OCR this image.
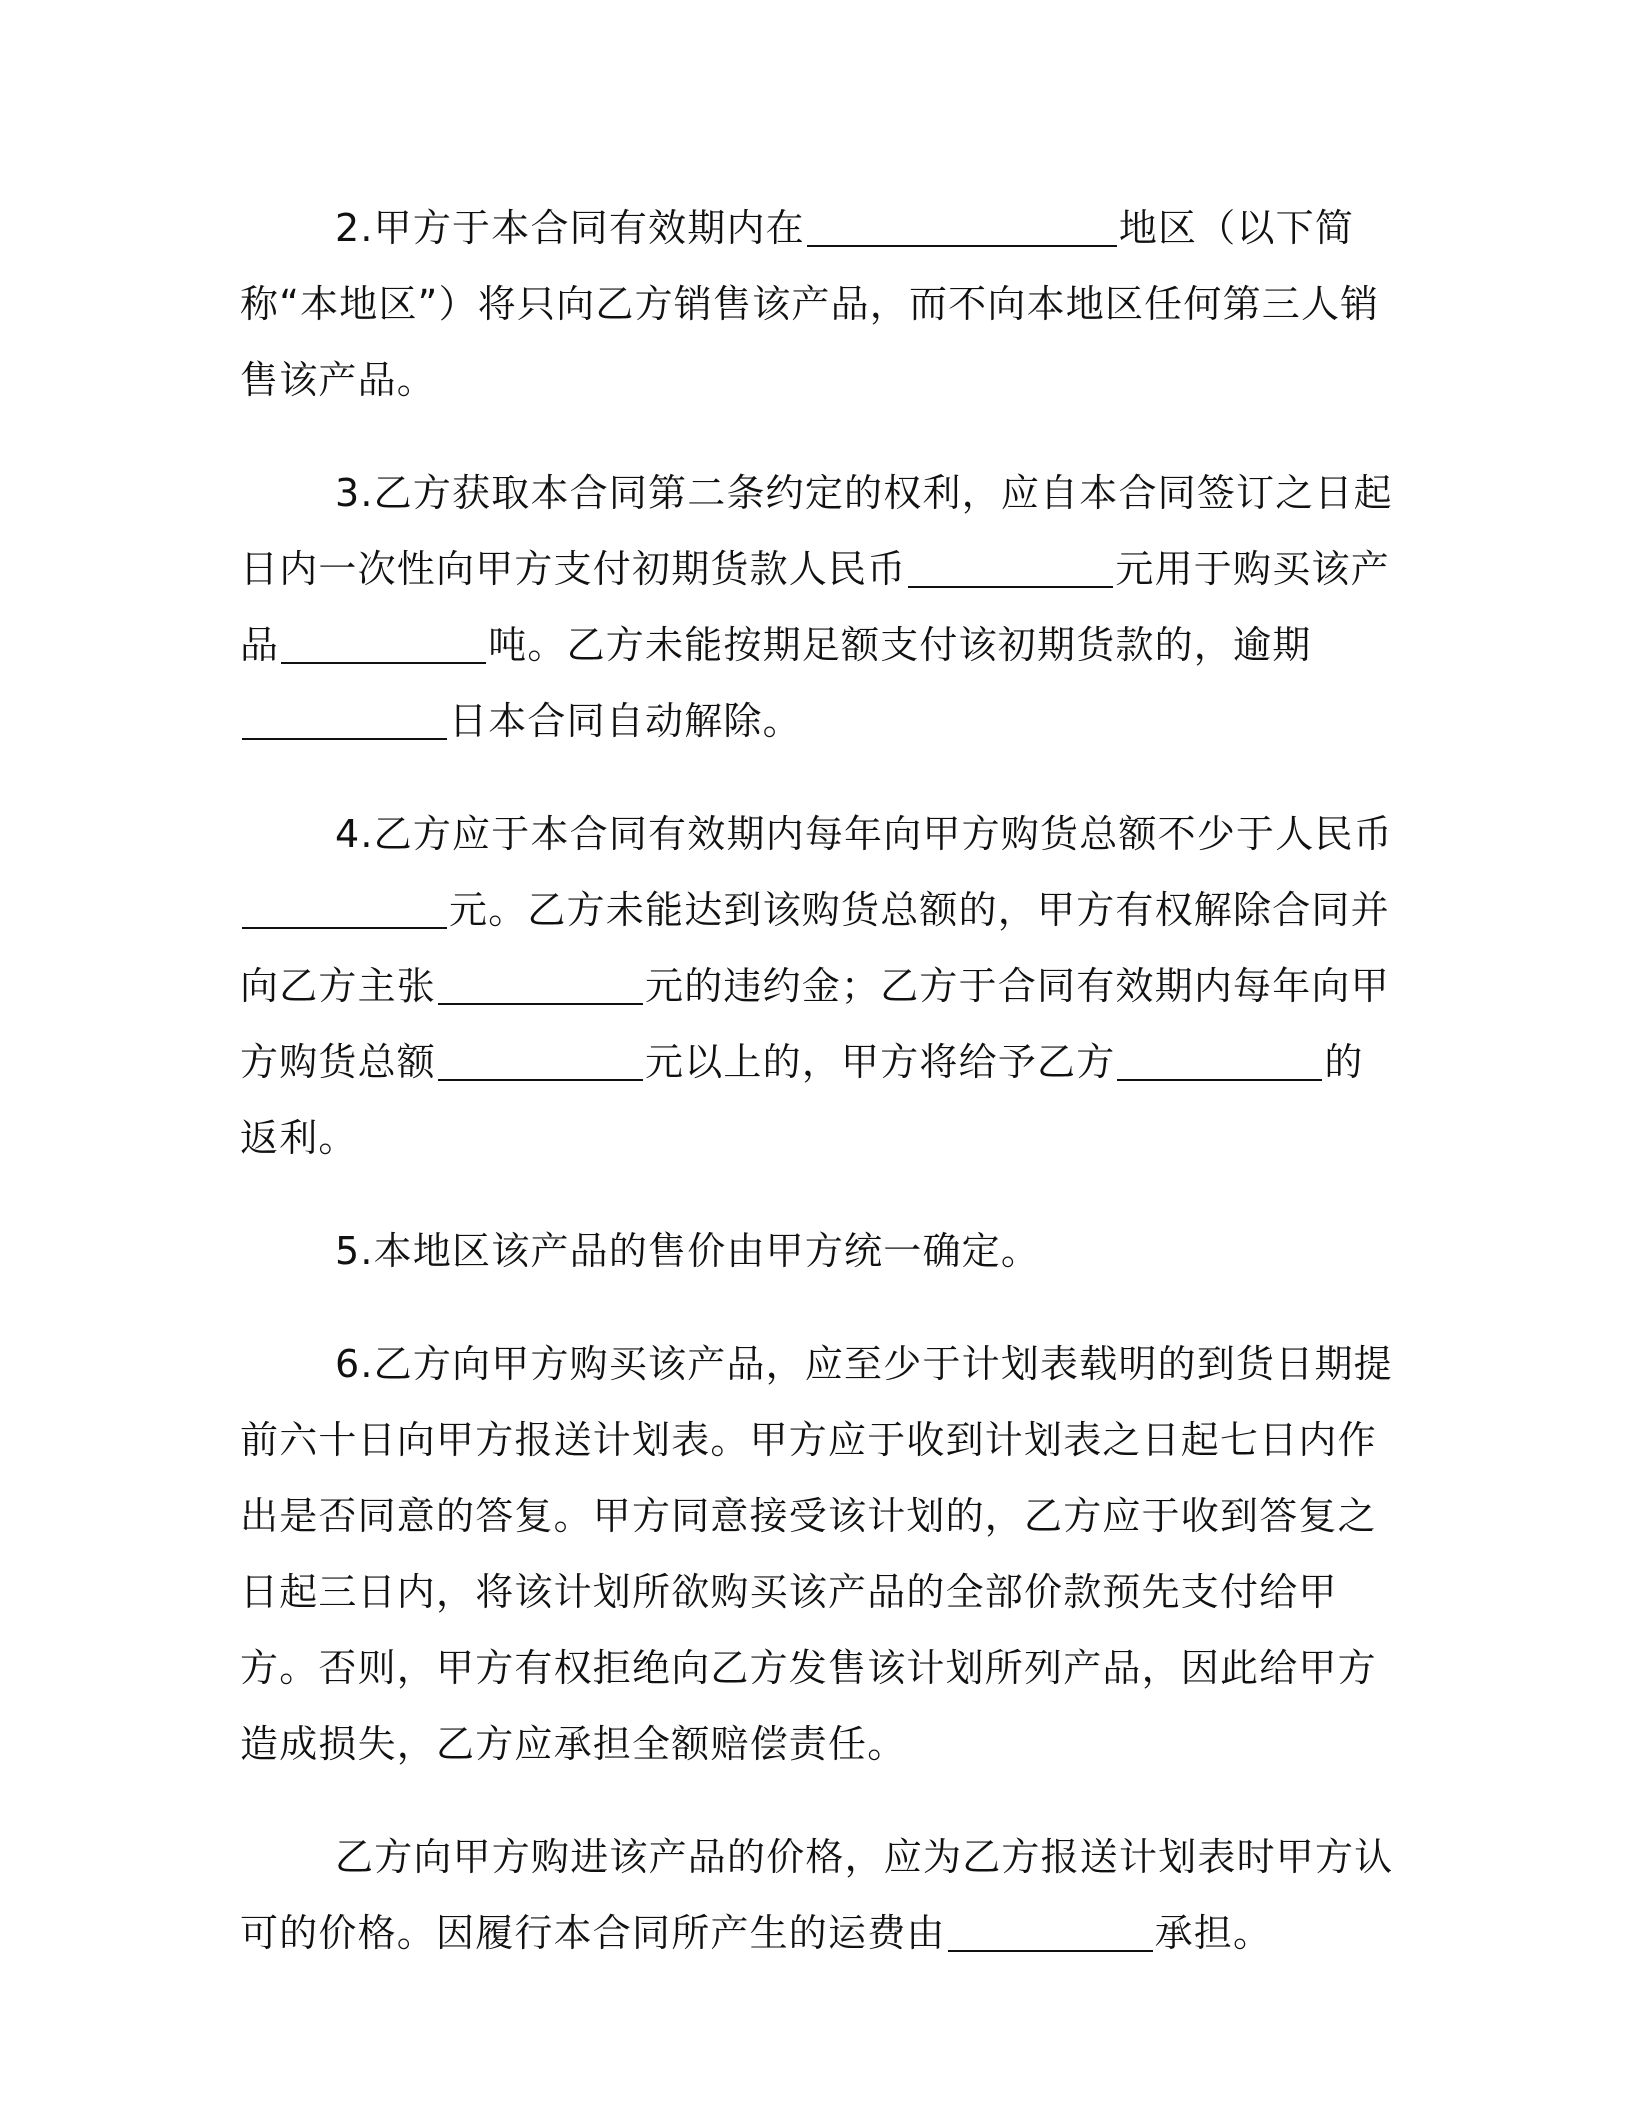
2.甲方于本合同有效期内在	地区（以下简称“本地区”）将只向乙方销售该产品，而不向本地区任何第三人销售该产品。

3.乙方获取本合同第二条约定的权利，应自本合同签订之日起日内一次性向甲方支付初期货款人民币	元用于购买该产品	吨。乙方未能按期足额支付该初期货款的，逾期日本合同自动解除。

4.乙方应于本合同有效期内每年向甲方购货总额不少于人民币元。乙方未能达到该购货总额的，甲方有权解除合同并向乙方主张	元的违约金；乙方于合同有效期内每年向甲方购货总额	元以上的，甲方将给予乙方	的返利。

5.本地区该产品的售价由甲方统一确定。

6.乙方向甲方购买该产品，应至少于计划表载明的到货日期提前六十日向甲方报送计划表。甲方应于收到计划表之日起七日内作出是否同意的答复。甲方同意接受该计划的，乙方应于收到答复之日起三日内，将该计划所欲购买该产品的全部价款预先支付给甲方。否则，甲方有权拒绝向乙方发售该计划所列产品，因此给甲方造成损失，乙方应承担全额赔偿责任。

乙方向甲方购进该产品的价格，应为乙方报送计划表时甲方认可的价格。因履行本合同所产生的运费由	承担。
